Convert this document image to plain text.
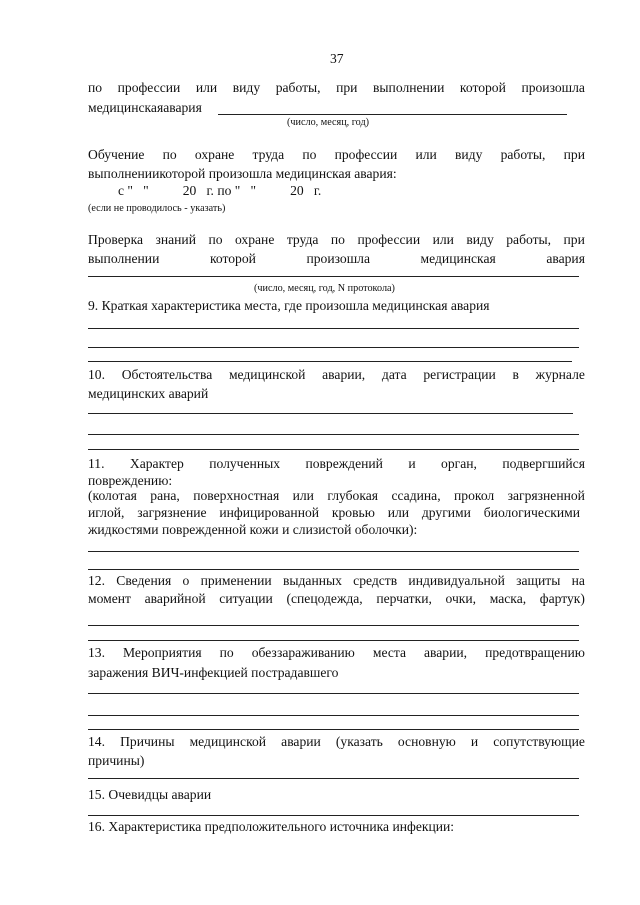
37
по профессии или виду работы, при выполнении которой произошла
медицинскаяавария
(число, месяц, год)
Обучение по охране труда по профессии или виду работы, при
выполнениикоторой произошла медицинская авария:
с "   "          20   г. по "   "          20   г.
(если не проводилось - указать)
Проверка знаний по охране труда по профессии или виду работы, при
выполнении	которой	произошла	медицинская	авария
(число, месяц, год, N протокола)
9. Краткая характеристика места, где произошла медицинская авария
10. Обстоятельства медицинской аварии, дата регистрации в журнале
медицинских аварий
11. Характер полученных повреждений и орган, подвергшийся
повреждению:
(колотая рана, поверхностная или глубокая ссадина, прокол загрязненной
иглой, загрязнение инфицированной кровью или другими биологическими
жидкостями поврежденной кожи и слизистой оболочки):
12. Сведения о применении выданных средств индивидуальной защиты на
момент аварийной ситуации (спецодежда, перчатки, очки, маска, фартук)
13. Мероприятия по обеззараживанию места аварии, предотвращению
заражения ВИЧ-инфекцией пострадавшего
14. Причины медицинской аварии (указать основную и сопутствующие
причины)
15. Очевидцы аварии
16. Характеристика предположительного источника инфекции:
